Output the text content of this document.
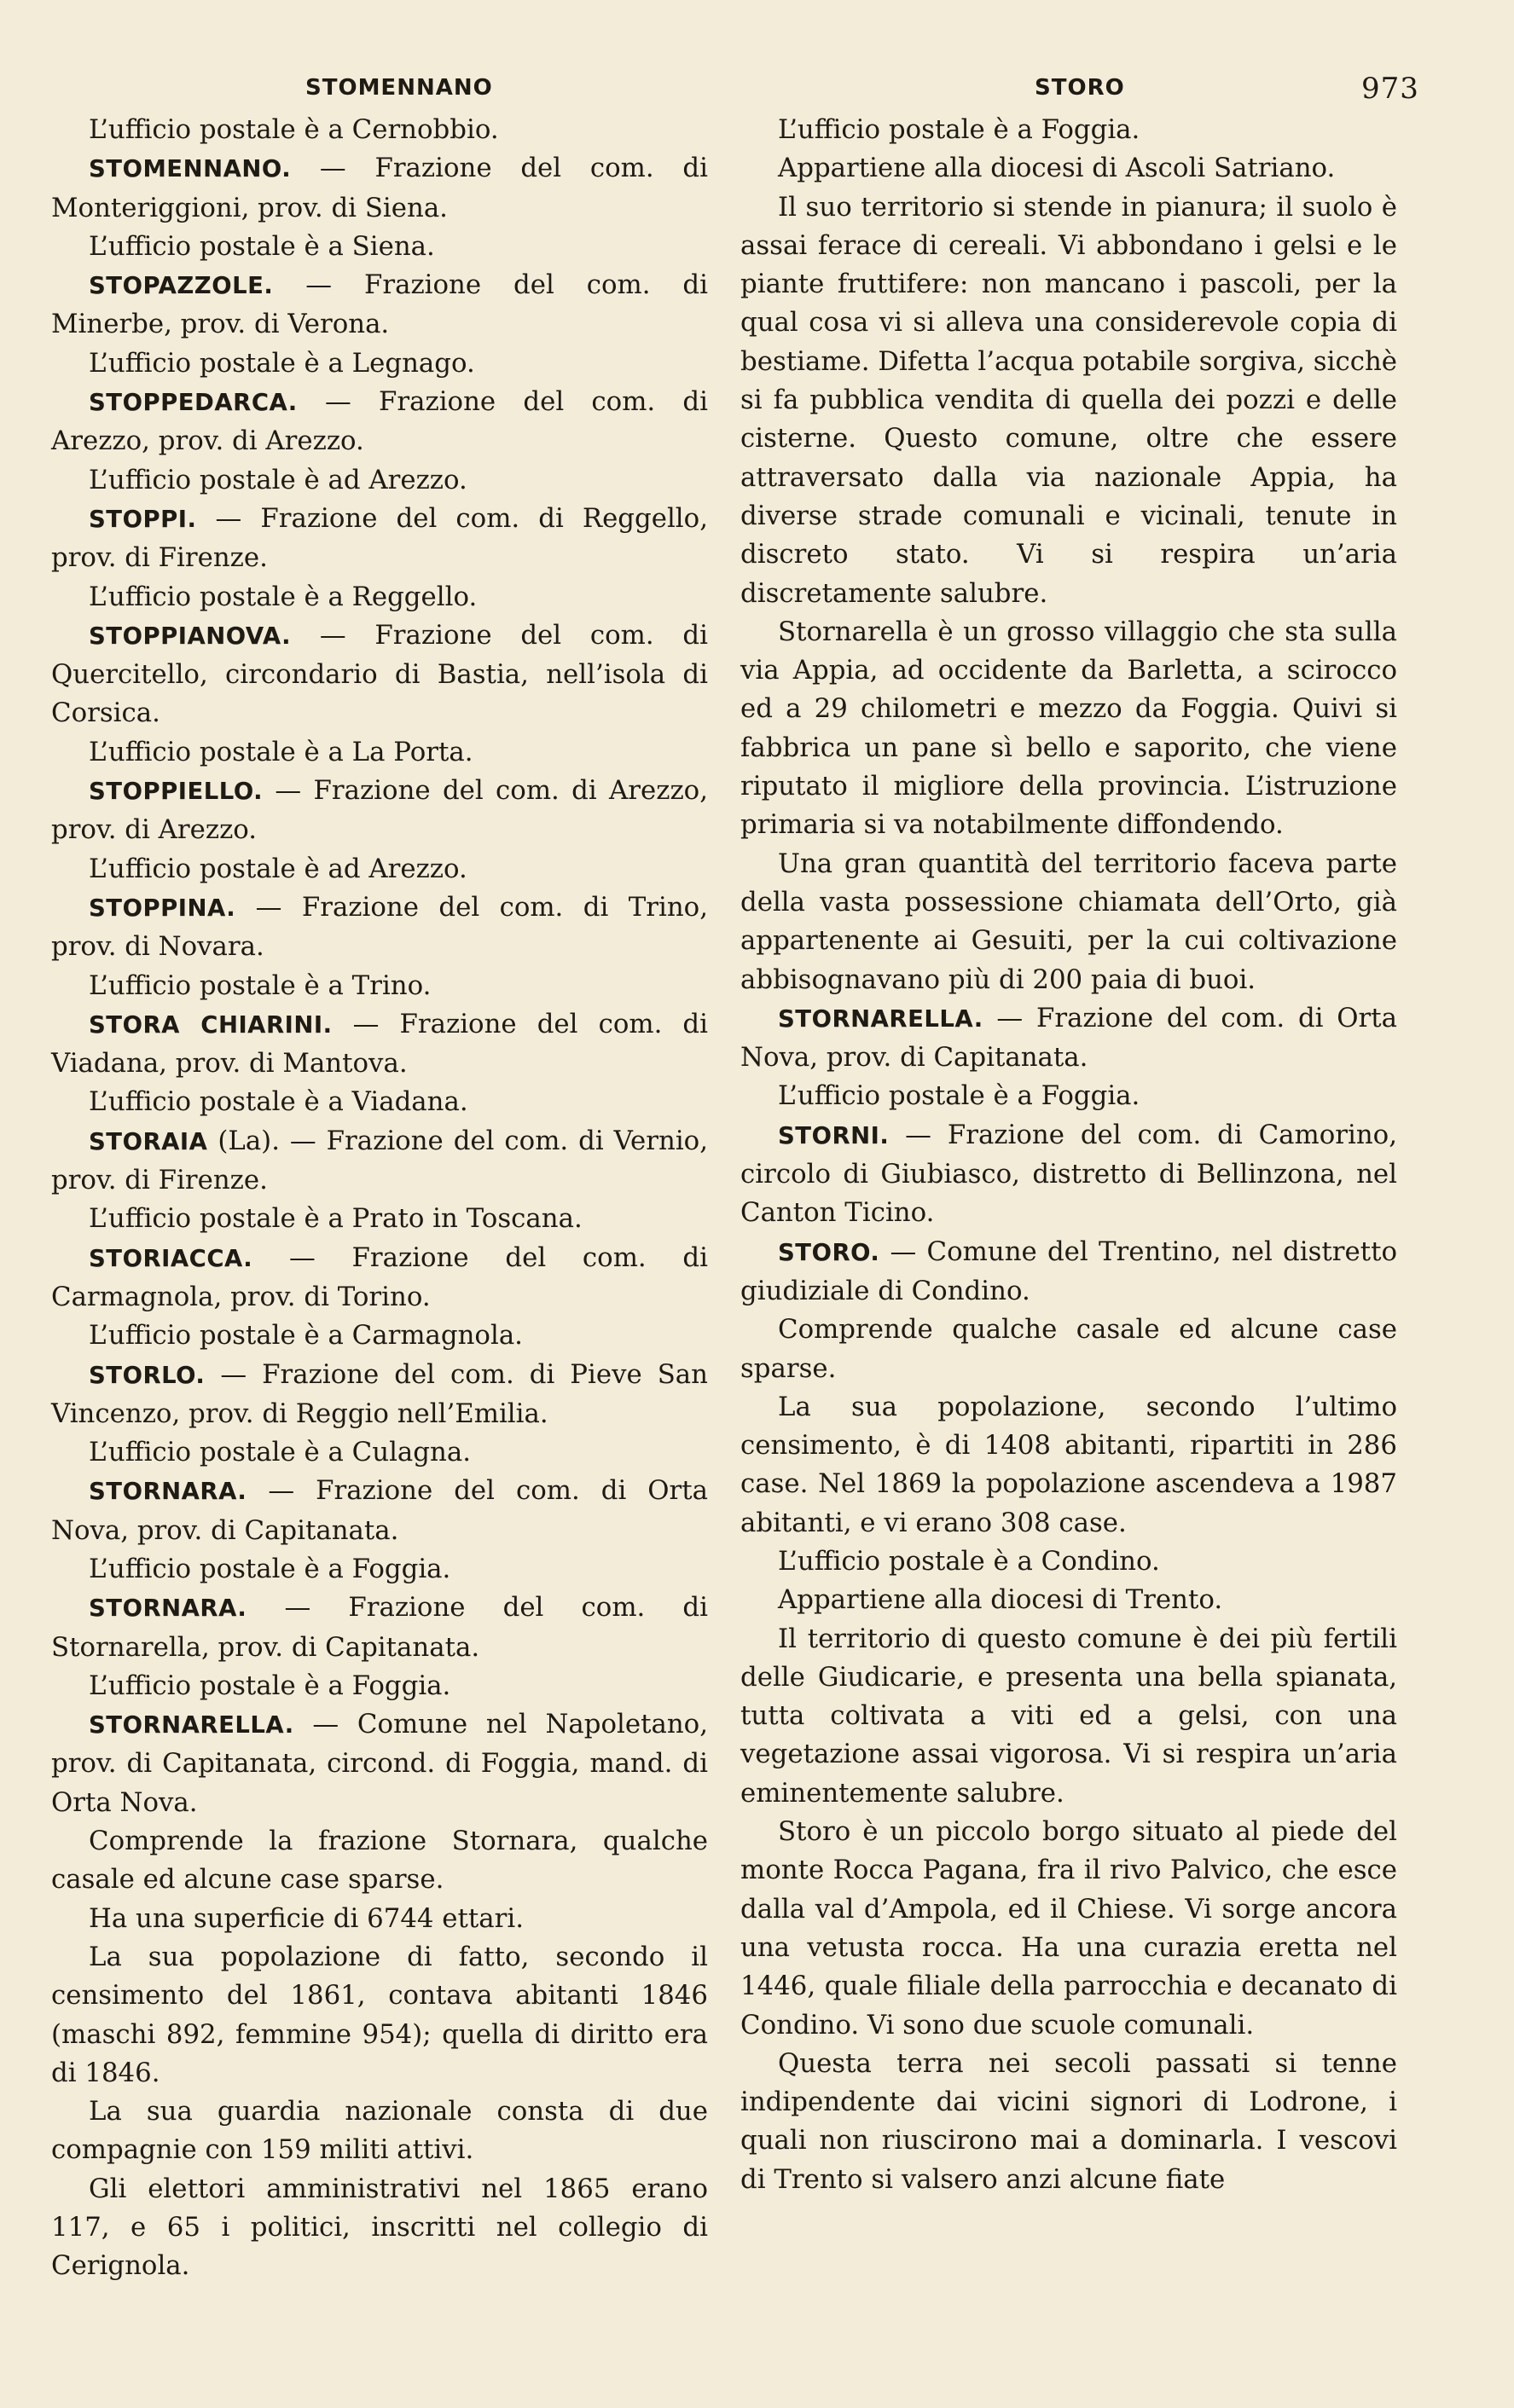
STOMENNANO	STORO	973

L’ufficio postale è a Cernobbio.

STOMENNANO. — Frazione del com. di Monteriggioni, prov. di Siena.

L’ufficio postale è a Siena.

STOPAZZOLE. — Frazione del com. di Minerbe, prov. di Verona.

L’ufficio postale è a Legnago.

STOPPEDARCA. — Frazione del com. di Arezzo, prov. di Arezzo.

L’ufficio postale è ad Arezzo.

STOPPI. — Frazione del com. di Reggello, prov. di Firenze.

L’ufficio postale è a Reggello.

STOPPIANOVA. — Frazione del com. di Quercitello, circondario di Bastia, nell’isola di Corsica.

L’ufficio postale è a La Porta.

STOPPIELLO. — Frazione del com. di Arezzo, prov. di Arezzo.

L’ufficio postale è ad Arezzo.

STOPPINA. — Frazione del com. di Trino, prov. di Novara.

L’ufficio postale è a Trino.

STORA CHIARINI. — Frazione del com. di Viadana, prov. di Mantova.

L’ufficio postale è a Viadana.

STORAIA (La). — Frazione del com. di Vernio, prov. di Firenze.

L’ufficio postale è a Prato in Toscana.

STORIACCA. — Frazione del com. di Carmagnola, prov. di Torino.

L’ufficio postale è a Carmagnola.

STORLO. — Frazione del com. di Pieve San Vincenzo, prov. di Reggio nell’Emilia.

L’ufficio postale è a Culagna.

STORNARA. — Frazione del com. di Orta Nova, prov. di Capitanata.

L’ufficio postale è a Foggia.

STORNARA. — Frazione del com. di Stornarella, prov. di Capitanata.

L’ufficio postale è a Foggia.

STORNARELLA. — Comune nel Napoletano, prov. di Capitanata, circond. di Foggia, mand. di Orta Nova.

Comprende la frazione Stornara, qualche casale ed alcune case sparse.

Ha una superficie di 6744 ettari.

La sua popolazione di fatto, secondo il censimento del 1861, contava abitanti 1846 (maschi 892, femmine 954); quella di diritto era di 1846.

La sua guardia nazionale consta di due compagnie con 159 militi attivi.

Gli elettori amministrativi nel 1865 erano 117, e 65 i politici, inscritti nel collegio di Cerignola.

L’ufficio postale è a Foggia.

Appartiene alla diocesi di Ascoli Satriano.

Il suo territorio si stende in pianura; il suolo è assai ferace di cereali. Vi abbondano i gelsi e le piante fruttifere: non mancano i pascoli, per la qual cosa vi si alleva una considerevole copia di bestiame. Difetta l’acqua potabile sorgiva, sicchè si fa pubblica vendita di quella dei pozzi e delle cisterne. Questo comune, oltre che essere attraversato dalla via nazionale Appia, ha diverse strade comunali e vicinali, tenute in discreto stato. Vi si respira un’aria discretamente salubre.

Stornarella è un grosso villaggio che sta sulla via Appia, ad occidente da Barletta, a scirocco ed a 29 chilometri e mezzo da Foggia. Quivi si fabbrica un pane sì bello e saporito, che viene riputato il migliore della provincia. L’istruzione primaria si va notabilmente diffondendo.

Una gran quantità del territorio faceva parte della vasta possessione chiamata dell’Orto, già appartenente ai Gesuiti, per la cui coltivazione abbisognavano più di 200 paia di buoi.

STORNARELLA. — Frazione del com. di Orta Nova, prov. di Capitanata.

L’ufficio postale è a Foggia.

STORNI. — Frazione del com. di Camorino, circolo di Giubiasco, distretto di Bellinzona, nel Canton Ticino.

STORO. — Comune del Trentino, nel distretto giudiziale di Condino.

Comprende qualche casale ed alcune case sparse.

La sua popolazione, secondo l’ultimo censimento, è di 1408 abitanti, ripartiti in 286 case. Nel 1869 la popolazione ascendeva a 1987 abitanti, e vi erano 308 case.

L’ufficio postale è a Condino.

Appartiene alla diocesi di Trento.

Il territorio di questo comune è dei più fertili delle Giudicarie, e presenta una bella spianata, tutta coltivata a viti ed a gelsi, con una vegetazione assai vigorosa. Vi si respira un’aria eminentemente salubre.

Storo è un piccolo borgo situato al piede del monte Rocca Pagana, fra il rivo Palvico, che esce dalla val d’Ampola, ed il Chiese. Vi sorge ancora una vetusta rocca. Ha una curazia eretta nel 1446, quale filiale della parrocchia e decanato di Condino. Vi sono due scuole comunali.

Questa terra nei secoli passati si tenne indipendente dai vicini signori di Lodrone, i quali non riuscirono mai a dominarla. I vescovi di Trento si valsero anzi alcune fiate
